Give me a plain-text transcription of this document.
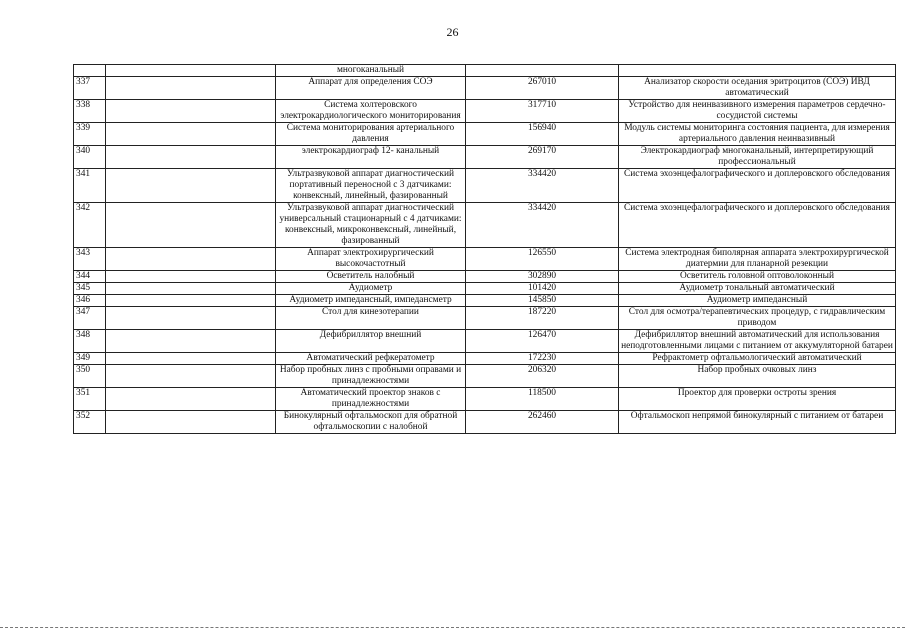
26
		многоканальный		
337		Аппарат для определения СОЭ	267010	Анализатор скорости оседания эритроцитов (СОЭ) ИВД автоматический
338		Система холтеровского электрокардиологического мониторирования	317710	Устройство для неинвазивного измерения параметров сердечно-сосудистой системы
339		Система мониторирования артериального давления	156940	Модуль системы мониторинга состояния пациента, для измерения артериального давления неинвазивный
340		электрокардиограф 12- канальный	269170	Электрокардиограф многоканальный, интерпретирующий профессиональный
341		Ультразвуковой аппарат диагностический портативный переносной с 3 датчиками: конвексный, линейный, фазированный	334420	Система эхоэнцефалографического и доплеровского обследования
342		Ультразвуковой аппарат диагностический универсальный стационарный с 4 датчиками: конвексный, микроконвексный, линейный, фазированный	334420	Система эхоэнцефалографического и доплеровского обследования
343		Аппарат электрохирургический высокочастотный	126550	Система электродная биполярная аппарата электрохирургической диатермии для планарной резекции
344		Осветитель налобный	302890	Осветитель головной оптоволоконный
345		Аудиометр	101420	Аудиометр тональный автоматический
346		Аудиометр импедансный, импедансметр	145850	Аудиометр импедансный
347		Стол для кинезотерапии	187220	Стол для осмотра/терапевтических процедур, с гидравлическим приводом
348		Дефибриллятор внешний	126470	Дефибриллятор внешний автоматический для использования неподготовленными лицами с питанием от аккумуляторной батареи
349		Автоматический рефкератометр	172230	Рефрактометр офтальмологический автоматический
350		Набор пробных линз с пробными оправами и принадлежностями	206320	Набор пробных очковых линз
351		Автоматический проектор знаков с принадлежностями	118500	Проектор для проверки остроты зрения
352		Бинокулярный офтальмоскоп для обратной офтальмоскопии с налобной	262460	Офтальмоскоп непрямой бинокулярный с питанием от батареи
